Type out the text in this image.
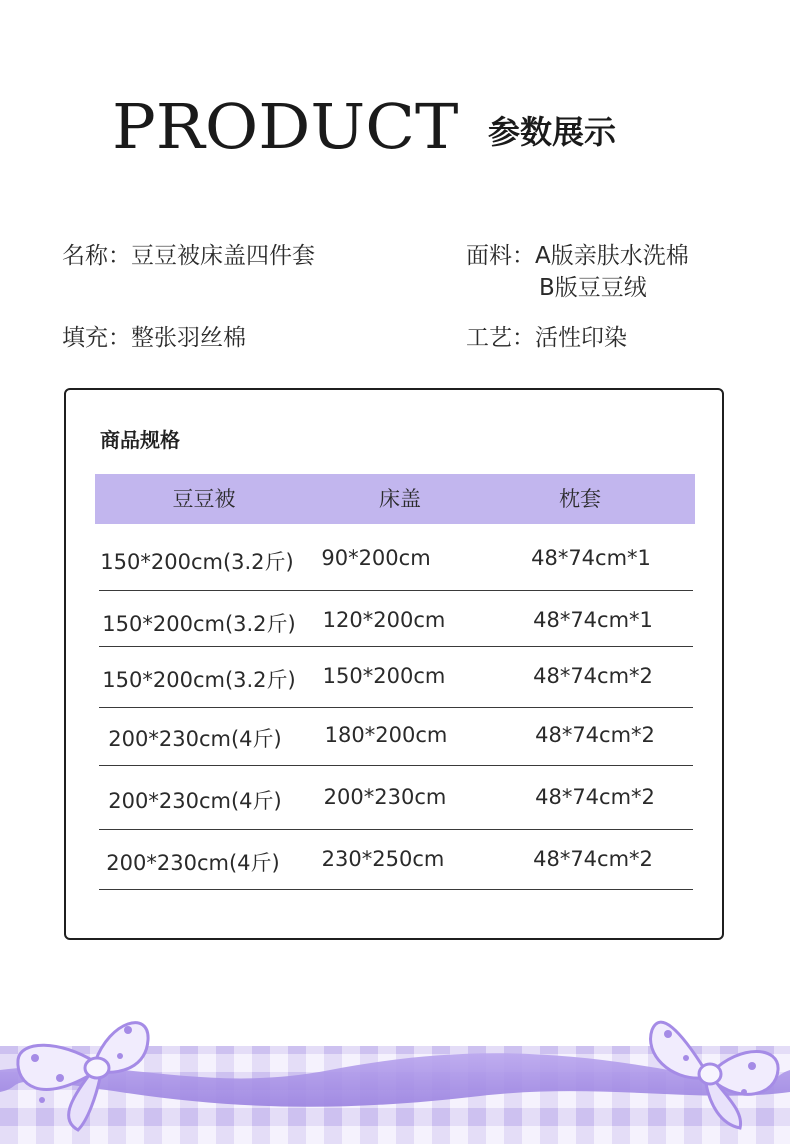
PRODUCT 参数展示
名称：豆豆被床盖四件套	面料：A版亲肤水洗棉
B版豆豆绒
填充：整张羽丝棉	工艺：活性印染
商品规格
豆豆被	床盖	枕套
150*200cm(3.2斤) 90*200cm	48*74cm*1
150*200cm(3.2斤) 120*200cm	48*74cm*1
150*200cm(3.2斤) 150*200cm	48*74cm*2
200*230cm(4斤) 180*200cm	48*74cm*2
200*230cm(4斤) 200*230cm	48*74cm*2
200*230cm(4斤) 230*250cm	48*74cm*2
